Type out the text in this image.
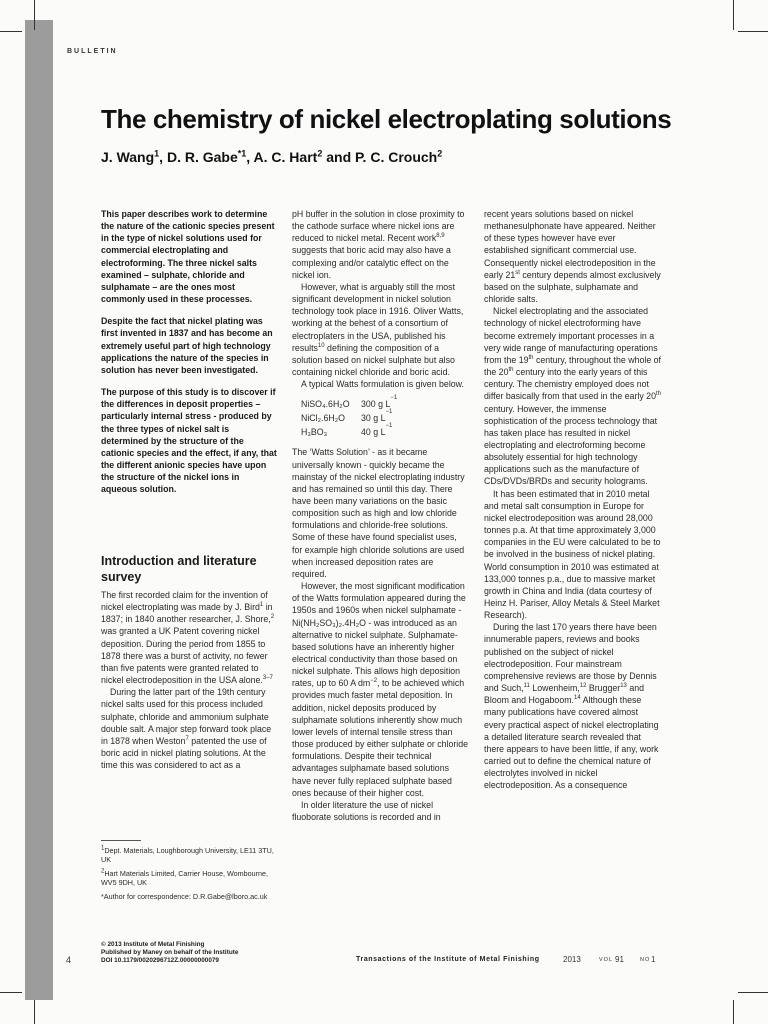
BULLETIN
The chemistry of nickel electroplating solutions
J. Wang$^1$, D. R. Gabe$^{*1}$, A. C. Hart$^2$ and P. C. Crouch$^2$

This paper describes work to determine the nature of the cationic species present in the type of nickel solutions used for commercial electroplating and electroforming. The three nickel salts examined – sulphate, chloride and sulphamate – are the ones most commonly used in these processes.

Despite the fact that nickel plating was first invented in 1837 and has become an extremely useful part of high technology applications the nature of the species in solution has never been investigated.

The purpose of this study is to discover if the differences in deposit properties – particularly internal stress - produced by the three types of nickel salt is determined by the structure of the cationic species and the effect, if any, that the different anionic species have upon the structure of the nickel ions in aqueous solution.

Introduction and literature survey

The first recorded claim for the invention of nickel electroplating was made by J. Bird$^1$ in 1837; in 1840 another researcher, J. Shore,$^2$ was granted a UK Patent covering nickel deposition. During the period from 1855 to 1878 there was a burst of activity, no fewer than five patents were granted related to nickel electrodeposition in the USA alone.$^{3-7}$

During the latter part of the 19th century nickel salts used for this process included sulphate, chloride and ammonium sulphate double salt. A major step forward took place in 1878 when Weston$^7$ patented the use of boric acid in nickel plating solutions. At the time this was considered to act as a

$^1$Dept. Materials, Loughborough University, LE11 3TU, UK

$^2$Hart Materials Limited, Carrier House, Wombourne, WV5 9DH, UK

*Author for correspondence: D.R.Gabe@lboro.ac.uk

pH buffer in the solution in close proximity to the cathode surface where nickel ions are reduced to nickel metal. Recent work$^{8,9}$ suggests that boric acid may also have a complexing and/or catalytic effect on the nickel ion.

However, what is arguably still the most significant development in nickel solution technology took place in 1916. Oliver Watts, working at the behest of a consortium of electroplaters in the USA, published his results$^{10}$ defining the composition of a solution based on nickel sulphate but also containing nickel chloride and boric acid.

A typical Watts formulation is given below.

NiSO₄.6H₂O	300 g L
−1
NiCl₂.6H₂O	30 g L
−1
H₃BO₃	40 g L
−1

The ‘Watts Solution’ - as it became universally known - quickly became the mainstay of the nickel electroplating industry and has remained so until this day. There have been many variations on the basic composition such as high and low chloride formulations and chloride-free solutions. Some of these have found specialist uses, for example high chloride solutions are used when increased deposition rates are required.

However, the most significant modification of the Watts formulation appeared during the 1950s and 1960s when nickel sulphamate - Ni(NH₂SO₃)₂.4H₂O - was introduced as an alternative to nickel sulphate. Sulphamate-based solutions have an inherently higher electrical conductivity than those based on nickel sulphate. This allows high deposition rates, up to 60 A $dm^{-2}$, to be achieved which provides much faster metal deposition. In addition, nickel deposits produced by sulphamate solutions inherently show much lower levels of internal tensile stress than those produced by either sulphate or chloride formulations. Despite their technical advantages sulphamate based solutions have never fully replaced sulphate based ones because of their higher cost.

In older literature the use of nickel fluoborate solutions is recorded and in

recent years solutions based on nickel methanesulphonate have appeared. Neither of these types however have ever established significant commercial use. Consequently nickel electrodeposition in the early 21st century depends almost exclusively based on the sulphate, sulphamate and chloride salts.

Nickel electroplating and the associated technology of nickel electroforming have become extremely important processes in a very wide range of manufacturing operations from the 19th century, throughout the whole of the 20th century into the early years of this century. The chemistry employed does not differ basically from that used in the early 20th century. However, the immense sophistication of the process technology that has taken place has resulted in nickel electroplating and electroforming become absolutely essential for high technology applications such as the manufacture of CDs/DVDs/BRDs and security holograms.

It has been estimated that in 2010 metal and metal salt consumption in Europe for nickel electrodeposition was around 28,000 tonnes p.a. At that time approximately 3,000 companies in the EU were calculated to be to be involved in the business of nickel plating. World consumption in 2010 was estimated at 133,000 tonnes p.a., due to massive market growth in China and India (data courtesy of Heinz H. Pariser, Alloy Metals & Steel Market Research).

During the last 170 years there have been innumerable papers, reviews and books published on the subject of nickel electrodeposition. Four mainstream comprehensive reviews are those by Dennis and Such,$^{11}$ Lowenheim,$^{12}$ Brugger$^{13}$ and Bloom and Hogaboom.$^{14}$ Although these many publications have covered almost every practical aspect of nickel electroplating a detailed literature search revealed that there appears to have been little, if any, work carried out to define the chemical nature of electrolytes involved in nickel electrodeposition. As a consequence

© 2013 Institute of Metal Finishing

Published by Maney on behalf of the Institute

DOI 10.1179/0020296712Z.00000000079

4	Transactions of the Institute of Metal Finishing	2013	VOL 91	NO 1
